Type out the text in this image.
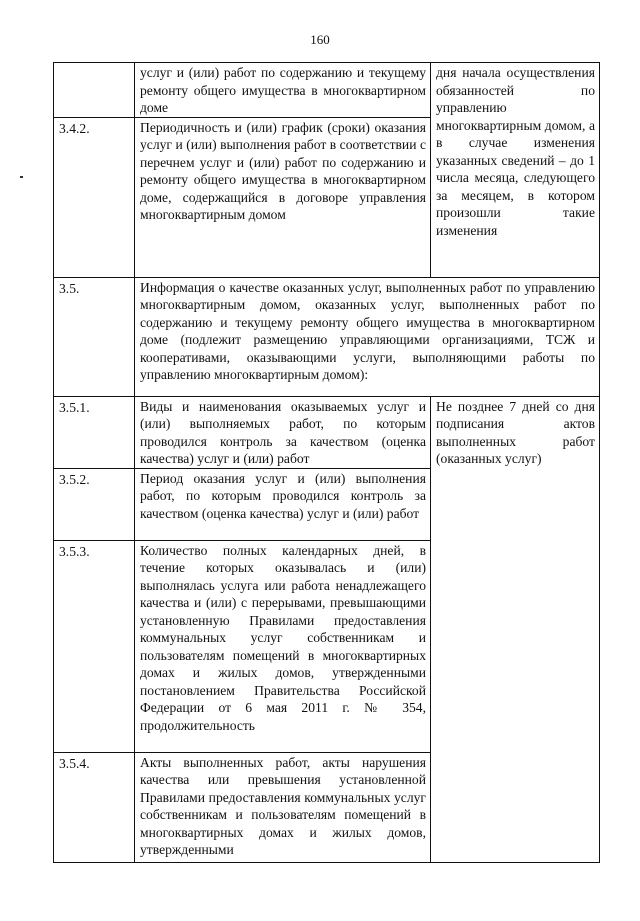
160
	услуг и (или) работ по содержанию и текущему ремонту общего имущества в многоквартирном доме	дня начала осуществления обязанностей по управлению многоквартирным домом, а в случае изменения указанных сведений – до 1 числа месяца, следующего за месяцем, в котором произошли такие изменения
3.4.2.	Периодичность и (или) график (сроки) оказания услуг и (или) выполнения работ в соответствии с перечнем услуг и (или) работ по содержанию и ремонту общего имущества в многоквартирном доме, содержащийся в договоре управления многоквартирным домом	
3.5.	Информация о качестве оказанных услуг, выполненных работ по управлению многоквартирным домом, оказанных услуг, выполненных работ по содержанию и текущему ремонту общего имущества в многоквартирном доме (подлежит размещению управляющими организациями, ТСЖ и кооперативами, оказывающими услуги, выполняющими работы по управлению многоквартирным домом):	
3.5.1.	Виды и наименования оказываемых услуг и (или) выполняемых работ, по которым проводился контроль за качеством (оценка качества) услуг и (или) работ	Не позднее 7 дней со дня подписания актов выполненных работ (оказанных услуг)
3.5.2.	Период оказания услуг и (или) выполнения работ, по которым проводился контроль за качеством (оценка качества) услуг и (или) работ	
3.5.3.	Количество полных календарных дней, в течение которых оказывалась и (или) выполнялась услуга или работа ненадлежащего качества и (или) с перерывами, превышающими установленную Правилами предоставления коммунальных услуг собственникам и пользователям помещений в многоквартирных домах и жилых домов, утвержденными постановлением Правительства Российской Федерации от 6 мая 2011 г. № 354, продолжительность	
3.5.4.	Акты выполненных работ, акты нарушения качества или превышения установленной Правилами предоставления коммунальных услуг собственникам и пользователям помещений в многоквартирных домах и жилых домов, утвержденными	
